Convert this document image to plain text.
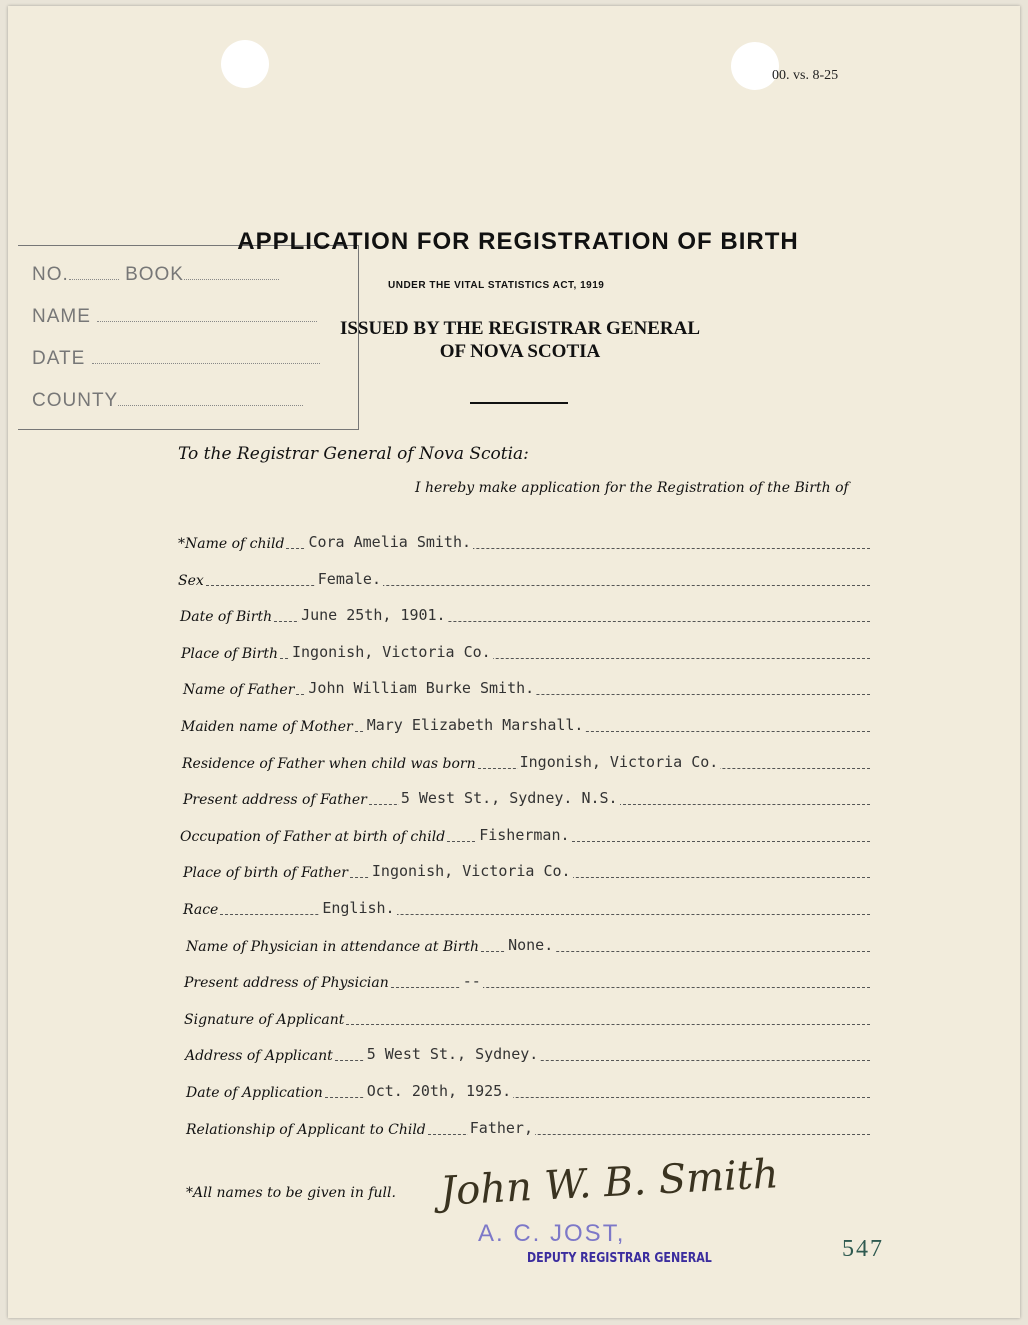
00. vs. 8-25
NO.	BOOK
NAME
DATE
COUNTY
APPLICATION FOR REGISTRATION OF BIRTH
UNDER THE VITAL STATISTICS ACT, 1919
ISSUED BY THE REGISTRAR GENERAL
OF NOVA SCOTIA
To the Registrar General of Nova Scotia:
I hereby make application for the Registration of the Birth of
*Name of child Cora Amelia Smith.
Sex	Female.
Date of Birth June 25th, 1901.
Place of Birth Ingonish, Victoria Co.
Name of Father John William Burke Smith.
Maiden name of Mother Mary Elizabeth Marshall.
Residence of Father when child was born	Ingonish, Victoria Co.
Present address of Father 5 West St., Sydney. N.S.
Occupation of Father at birth of child Fisherman.
Place of birth of Father Ingonish, Victoria Co.
Race	English.
Name of Physician in attendance at Birth None.
Present address of Physician	--
Signature of Applicant
Address of Applicant 5 West St., Sydney.
Date of Application	Oct. 20th, 1925.
Relationship of Applicant to Child	Father,
*All names to be given in full. John W. B. Smith
A. C. JOST,
DEPUTY REGISTRAR GENERAL	547
